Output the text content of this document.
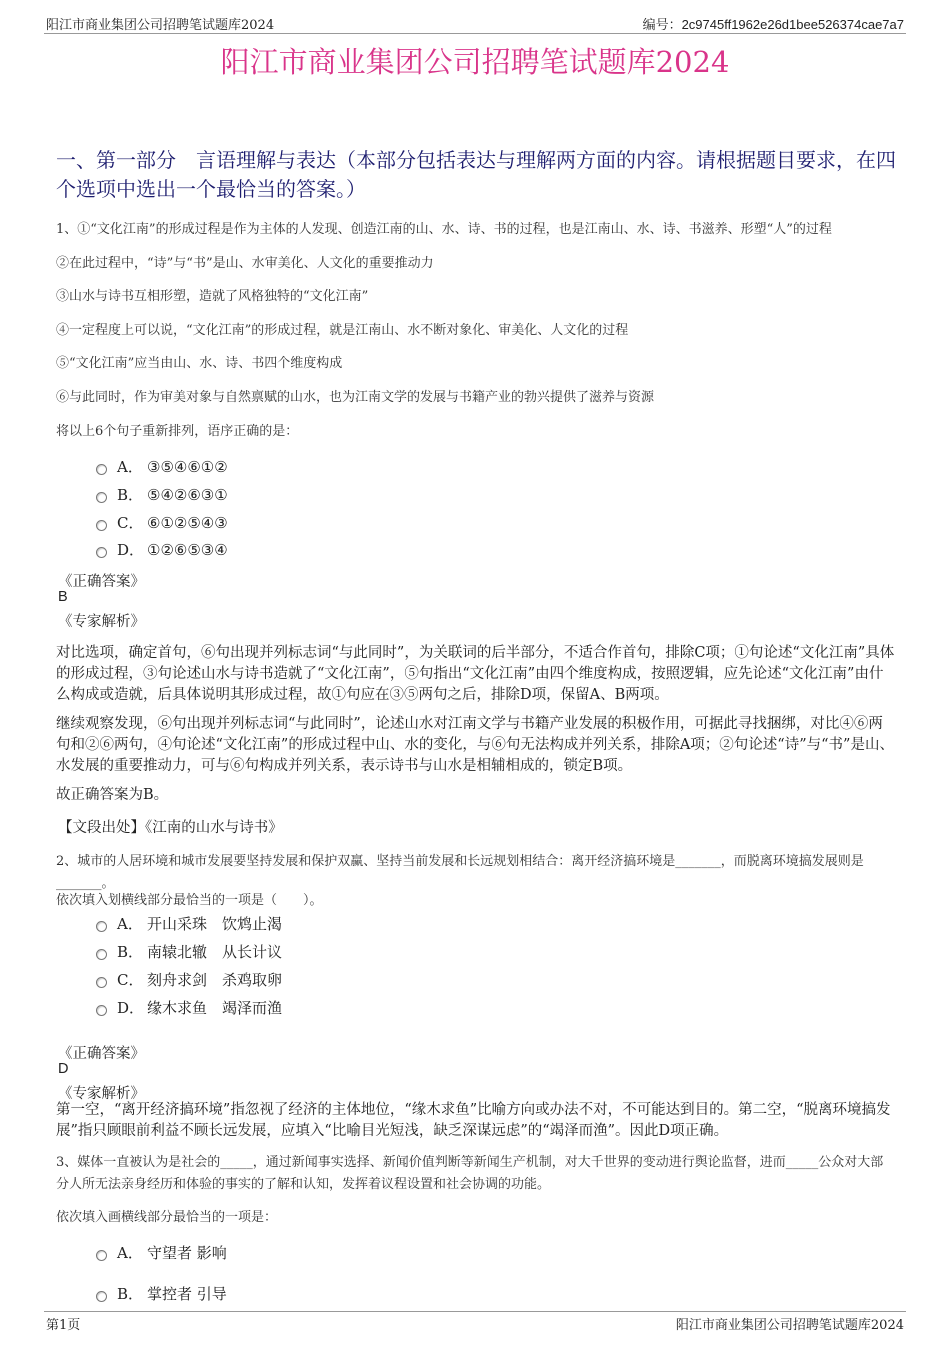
阳江市商业集团公司招聘笔试题库2024	编号：2c9745ff1962e26d1bee526374cae7a7
阳江市商业集团公司招聘笔试题库2024
一、第一部分　言语理解与表达（本部分包括表达与理解两方面的内容。请根据题目要求，在四个选项中选出一个最恰当的答案。）
1、①“文化江南”的形成过程是作为主体的人发现、创造江南的山、水、诗、书的过程，也是江南山、水、诗、书滋养、形塑“人”的过程
②在此过程中，“诗”与“书”是山、水审美化、人文化的重要推动力
③山水与诗书互相形塑，造就了风格独特的“文化江南”
④一定程度上可以说，“文化江南”的形成过程，就是江南山、水不断对象化、审美化、人文化的过程
⑤“文化江南”应当由山、水、诗、书四个维度构成
⑥与此同时，作为审美对象与自然禀赋的山水，也为江南文学的发展与书籍产业的勃兴提供了滋养与资源
将以上6个句子重新排列，语序正确的是：
A． ③⑤④⑥①②
B． ⑤④②⑥③①
C． ⑥①②⑤④③
D． ①②⑥⑤③④
《正确答案》
B
《专家解析》
对比选项，确定首句，⑥句出现并列标志词“与此同时”，为关联词的后半部分，不适合作首句，排除C项；①句论述“文化江南”具体的形成过程，③句论述山水与诗书造就了“文化江南”，⑤句指出“文化江南”由四个维度构成，按照逻辑，应先论述“文化江南”由什么构成或造就，后具体说明其形成过程，故①句应在③⑤两句之后，排除D项，保留A、B两项。
继续观察发现，⑥句出现并列标志词“与此同时”，论述山水对江南文学与书籍产业发展的积极作用，可据此寻找捆绑，对比④⑥两句和②⑥两句，④句论述“文化江南”的形成过程中山、水的变化，与⑥句无法构成并列关系，排除A项；②句论述“诗”与“书”是山、水发展的重要推动力，可与⑥句构成并列关系，表示诗书与山水是相辅相成的，锁定B项。
故正确答案为B。
【文段出处】《江南的山水与诗书》
2、城市的人居环境和城市发展要坚持发展和保护双赢、坚持当前发展和长远规划相结合：离开经济搞环境是_______，而脱离环境搞发展则是_______。
依次填入划横线部分最恰当的一项是（　　）。
A． 开山采珠　饮鸩止渴
B． 南辕北辙　从长计议
C． 刻舟求剑　杀鸡取卵
D． 缘木求鱼　竭泽而渔
《正确答案》
D
《专家解析》
第一空，“离开经济搞环境”指忽视了经济的主体地位，“缘木求鱼”比喻方向或办法不对，不可能达到目的。第二空，“脱离环境搞发展”指只顾眼前利益不顾长远发展，应填入“比喻目光短浅，缺乏深谋远虑”的“竭泽而渔”。因此D项正确。
3、媒体一直被认为是社会的_____，通过新闻事实选择、新闻价值判断等新闻生产机制，对大千世界的变动进行舆论监督，进而_____公众对大部分人所无法亲身经历和体验的事实的了解和认知，发挥着议程设置和社会协调的功能。
依次填入画横线部分最恰当的一项是：
A． 守望者 影响
B． 掌控者 引导
第1页	阳江市商业集团公司招聘笔试题库2024
